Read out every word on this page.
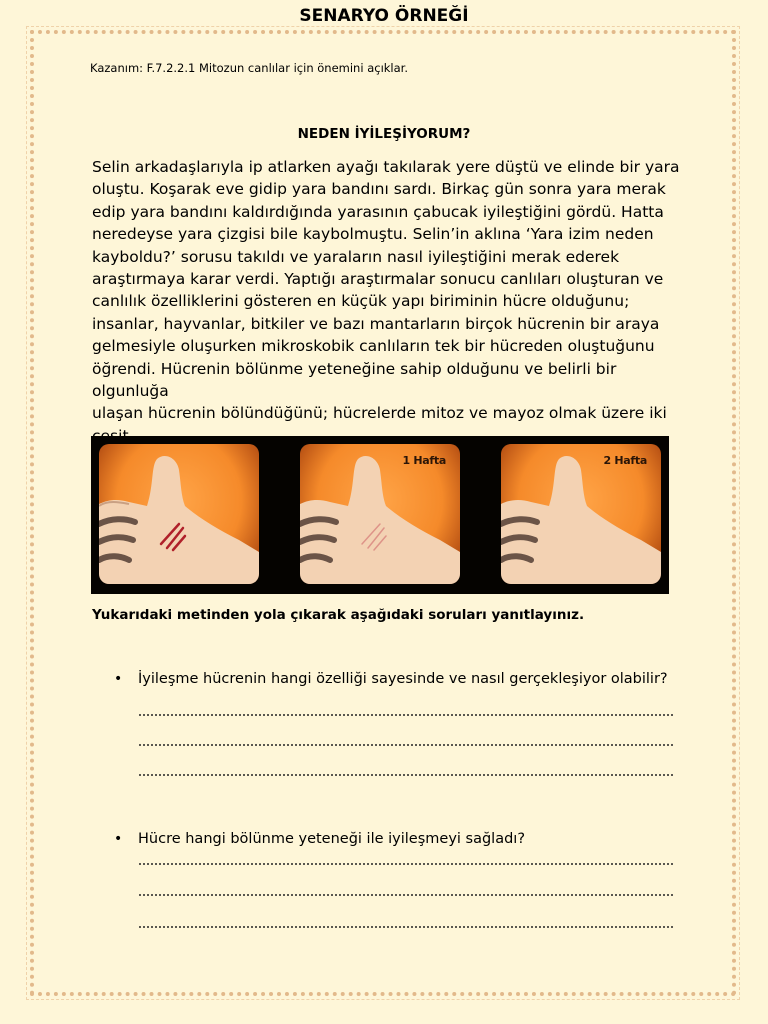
SENARYO ÖRNEĞİ
Kazanım: F.7.2.2.1 Mitozun canlılar için önemini açıklar.
NEDEN İYİLEŞİYORUM?
Selin arkadaşlarıyla ip atlarken ayağı takılarak yere düştü ve elinde bir yara
oluştu. Koşarak eve gidip yara bandını sardı. Birkaç gün sonra yara merak
edip yara bandını kaldırdığında yarasının çabucak iyileştiğini gördü. Hatta
neredeyse yara çizgisi bile kaybolmuştu. Selin’in aklına ‘Yara izim neden
kayboldu?’ sorusu takıldı ve yaraların nasıl iyileştiğini merak ederek
araştırmaya karar verdi. Yaptığı araştırmalar sonucu canlıları oluşturan ve
canlılık özelliklerini gösteren en küçük yapı biriminin hücre olduğunu;
insanlar, hayvanlar, bitkiler ve bazı mantarların birçok hücrenin bir araya
gelmesiyle oluşurken mikroskobik canlıların tek bir hücreden oluştuğunu
öğrendi. Hücrenin bölünme yeteneğine sahip olduğunu ve belirli bir olgunluğa
ulaşan hücrenin bölündüğünü; hücrelerde mitoz ve mayoz olmak üzere iki

1 Hafta	2 Hafta
Yukarıdaki metinden yola çıkarak aşağıdaki soruları yanıtlayınız.
• İyileşme hücrenin hangi özelliği sayesinde ve nasıl gerçekleşiyor olabilir?
• Hücre hangi bölünme yeteneği ile iyileşmeyi sağladı?
